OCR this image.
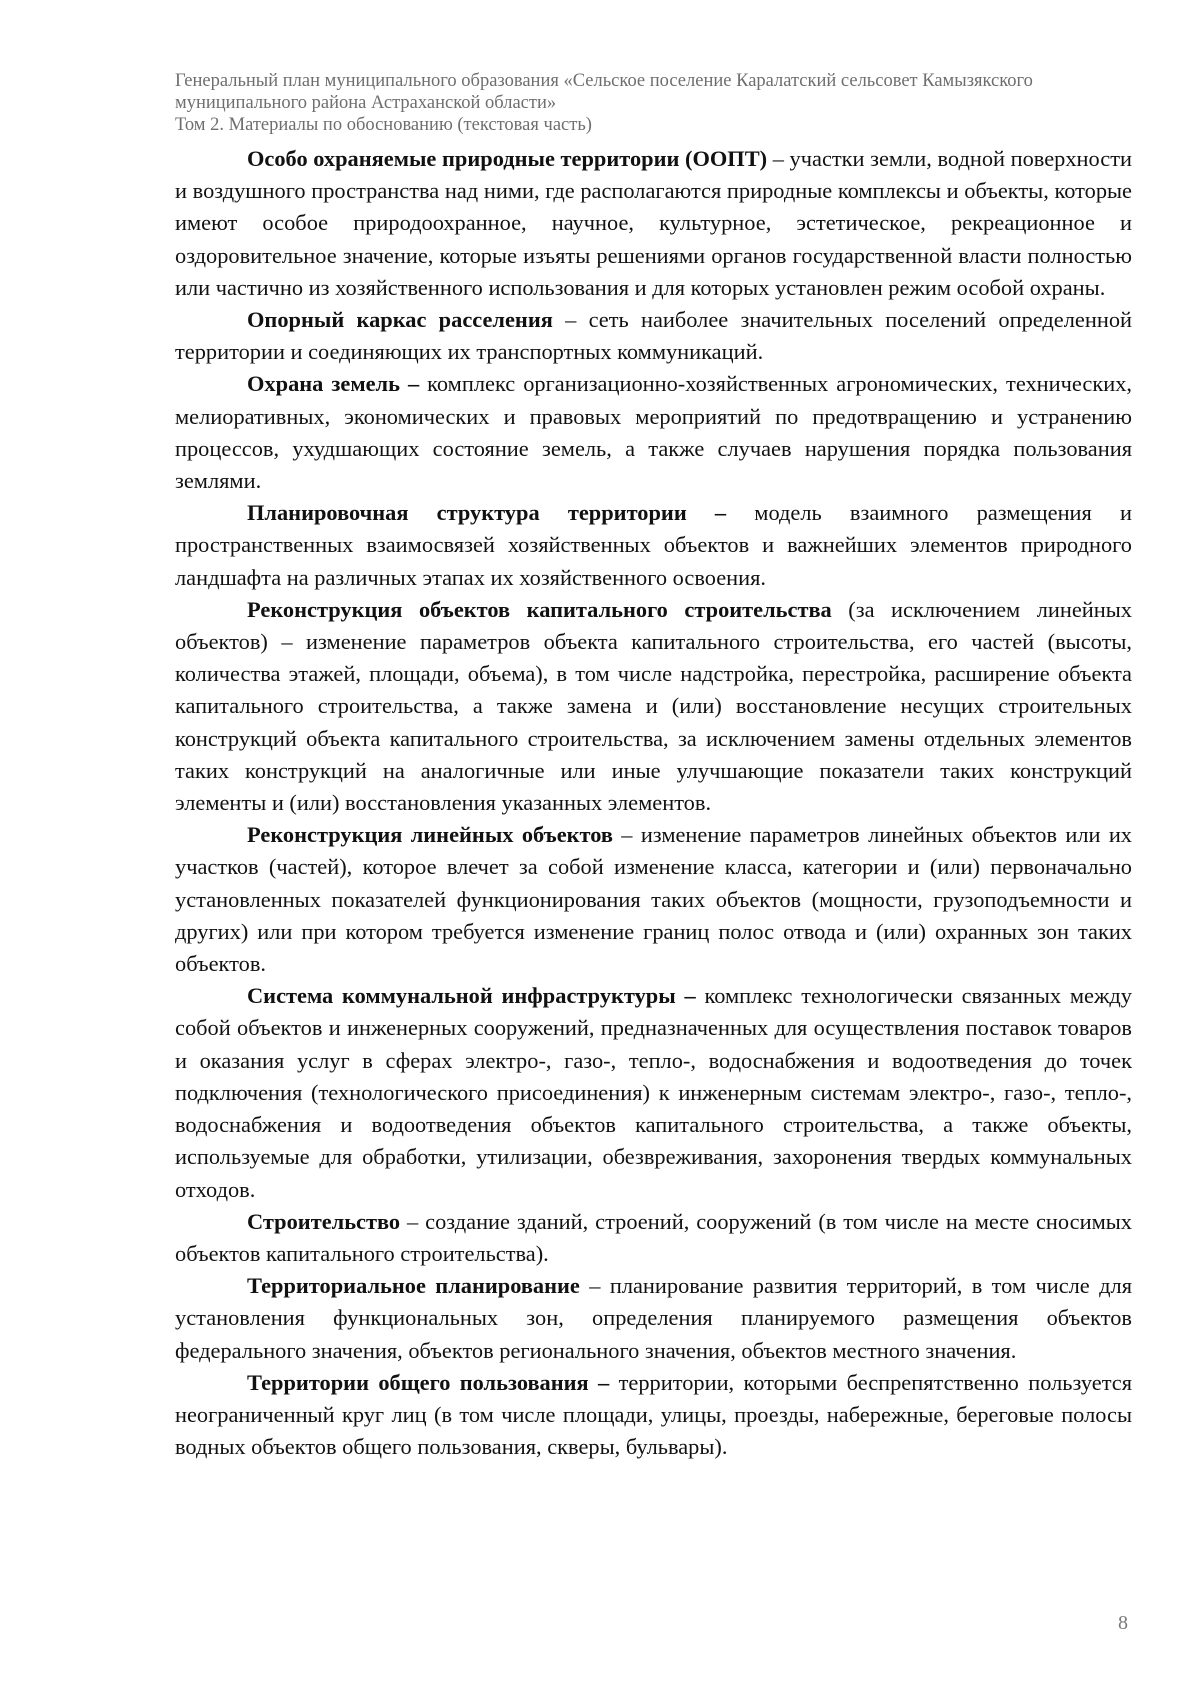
Генеральный план муниципального образования «Сельское поселение Каралатский сельсовет Камызякского
муниципального района Астраханской области»
Том 2. Материалы по обоснованию (текстовая часть)

Особо охраняемые природные территории (ООПТ) – участки земли, водной поверхности и воздушного пространства над ними, где располагаются природные комплексы и объекты, которые имеют особое природоохранное, научное, культурное, эстетическое, рекреационное и оздоровительное значение, которые изъяты решениями органов государственной власти полностью или частично из хозяйственного использования и для которых установлен режим особой охраны.

Опорный каркас расселения – сеть наиболее значительных поселений определенной территории и соединяющих их транспортных коммуникаций.

Охрана земель – комплекс организационно-хозяйственных агрономических, технических, мелиоративных, экономических и правовых мероприятий по предотвращению и устранению процессов, ухудшающих состояние земель, а также случаев нарушения порядка пользования землями.

Планировочная структура территории – модель взаимного размещения и пространственных взаимосвязей хозяйственных объектов и важнейших элементов природного ландшафта на различных этапах их хозяйственного освоения.

Реконструкция объектов капитального строительства (за исключением линейных объектов) – изменение параметров объекта капитального строительства, его частей (высоты, количества этажей, площади, объема), в том числе надстройка, перестройка, расширение объекта капитального строительства, а также замена и (или) восстановление несущих строительных конструкций объекта капитального строительства, за исключением замены отдельных элементов таких конструкций на аналогичные или иные улучшающие показатели таких конструкций элементы и (или) восстановления указанных элементов.

Реконструкция линейных объектов – изменение параметров линейных объектов или их участков (частей), которое влечет за собой изменение класса, категории и (или) первоначально установленных показателей функционирования таких объектов (мощности, грузоподъемности и других) или при котором требуется изменение границ полос отвода и (или) охранных зон таких объектов.

Система коммунальной инфраструктуры – комплекс технологически связанных между собой объектов и инженерных сооружений, предназначенных для осуществления поставок товаров и оказания услуг в сферах электро-, газо-, тепло-, водоснабжения и водоотведения до точек подключения (технологического присоединения) к инженерным системам электро-, газо-, тепло-, водоснабжения и водоотведения объектов капитального строительства, а также объекты, используемые для обработки, утилизации, обезвреживания, захоронения твердых коммунальных отходов.

Строительство – создание зданий, строений, сооружений (в том числе на месте сносимых объектов капитального строительства).

Территориальное планирование – планирование развития территорий, в том числе для установления функциональных зон, определения планируемого размещения объектов федерального значения, объектов регионального значения, объектов местного значения.

Территории общего пользования – территории, которыми беспрепятственно пользуется неограниченный круг лиц (в том числе площади, улицы, проезды, набережные, береговые полосы водных объектов общего пользования, скверы, бульвары).

8
